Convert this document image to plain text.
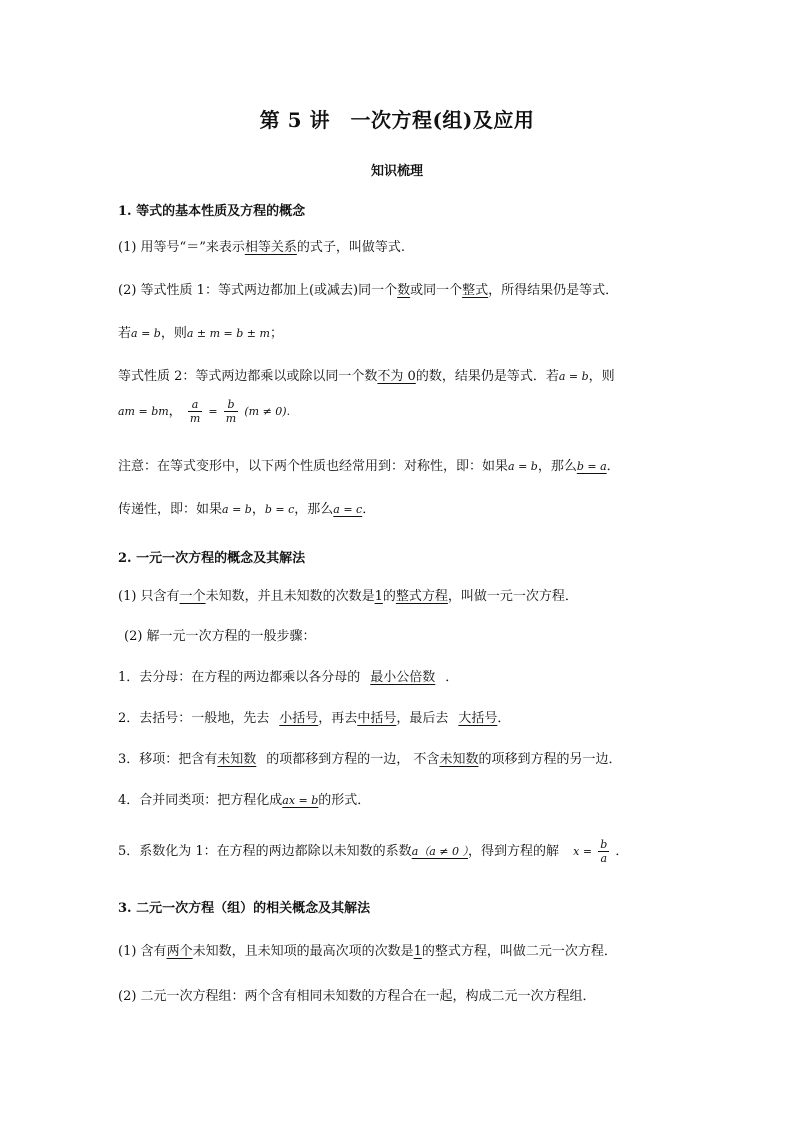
第 5 讲　一次方程(组)及应用
知识梳理
1. 等式的基本性质及方程的概念
(1) 用等号“＝”来表示相等关系的式子，叫做等式.
(2) 等式性质 1：等式两边都加上(或减去)同一个数或同一个整式，所得结果仍是等式．
若a = b，则a ± m = b ± m；
等式性质 2：等式两边都乘以或除以同一个数不为 0的数，结果仍是等式．若a = b，则
am = bm， $\frac{a}{m} = \frac{b}{m} (m \ne 0)$.
注意：在等式变形中，以下两个性质也经常用到：对称性，即：如果a = b，那么b = a．
传递性，即：如果a = b，b = c，那么a = c．
2. 一元一次方程的概念及其解法
(1) 只含有一个未知数，并且未知数的次数是1的整式方程，叫做一元一次方程．
(2) 解一元一次方程的一般步骤：
1．去分母：在方程的两边都乘以各分母的 最小公倍数 ．
2．去括号：一般地，先去 小括号，再去中括号，最后去 大括号．
3．移项：把含有未知数 的项都移到方程的一边， 不含未知数的项移到方程的另一边．
4．合并同类项：把方程化成ax = b的形式．
5．系数化为 1：在方程的两边都除以未知数的系数a（a ≠ 0 ），得到方程的解 $x = \frac{b}{a}$ ．
3. 二元一次方程（组）的相关概念及其解法
(1) 含有两个未知数，且未知项的最高次项的次数是1的整式方程，叫做二元一次方程．
(2) 二元一次方程组：两个含有相同未知数的方程合在一起，构成二元一次方程组．
